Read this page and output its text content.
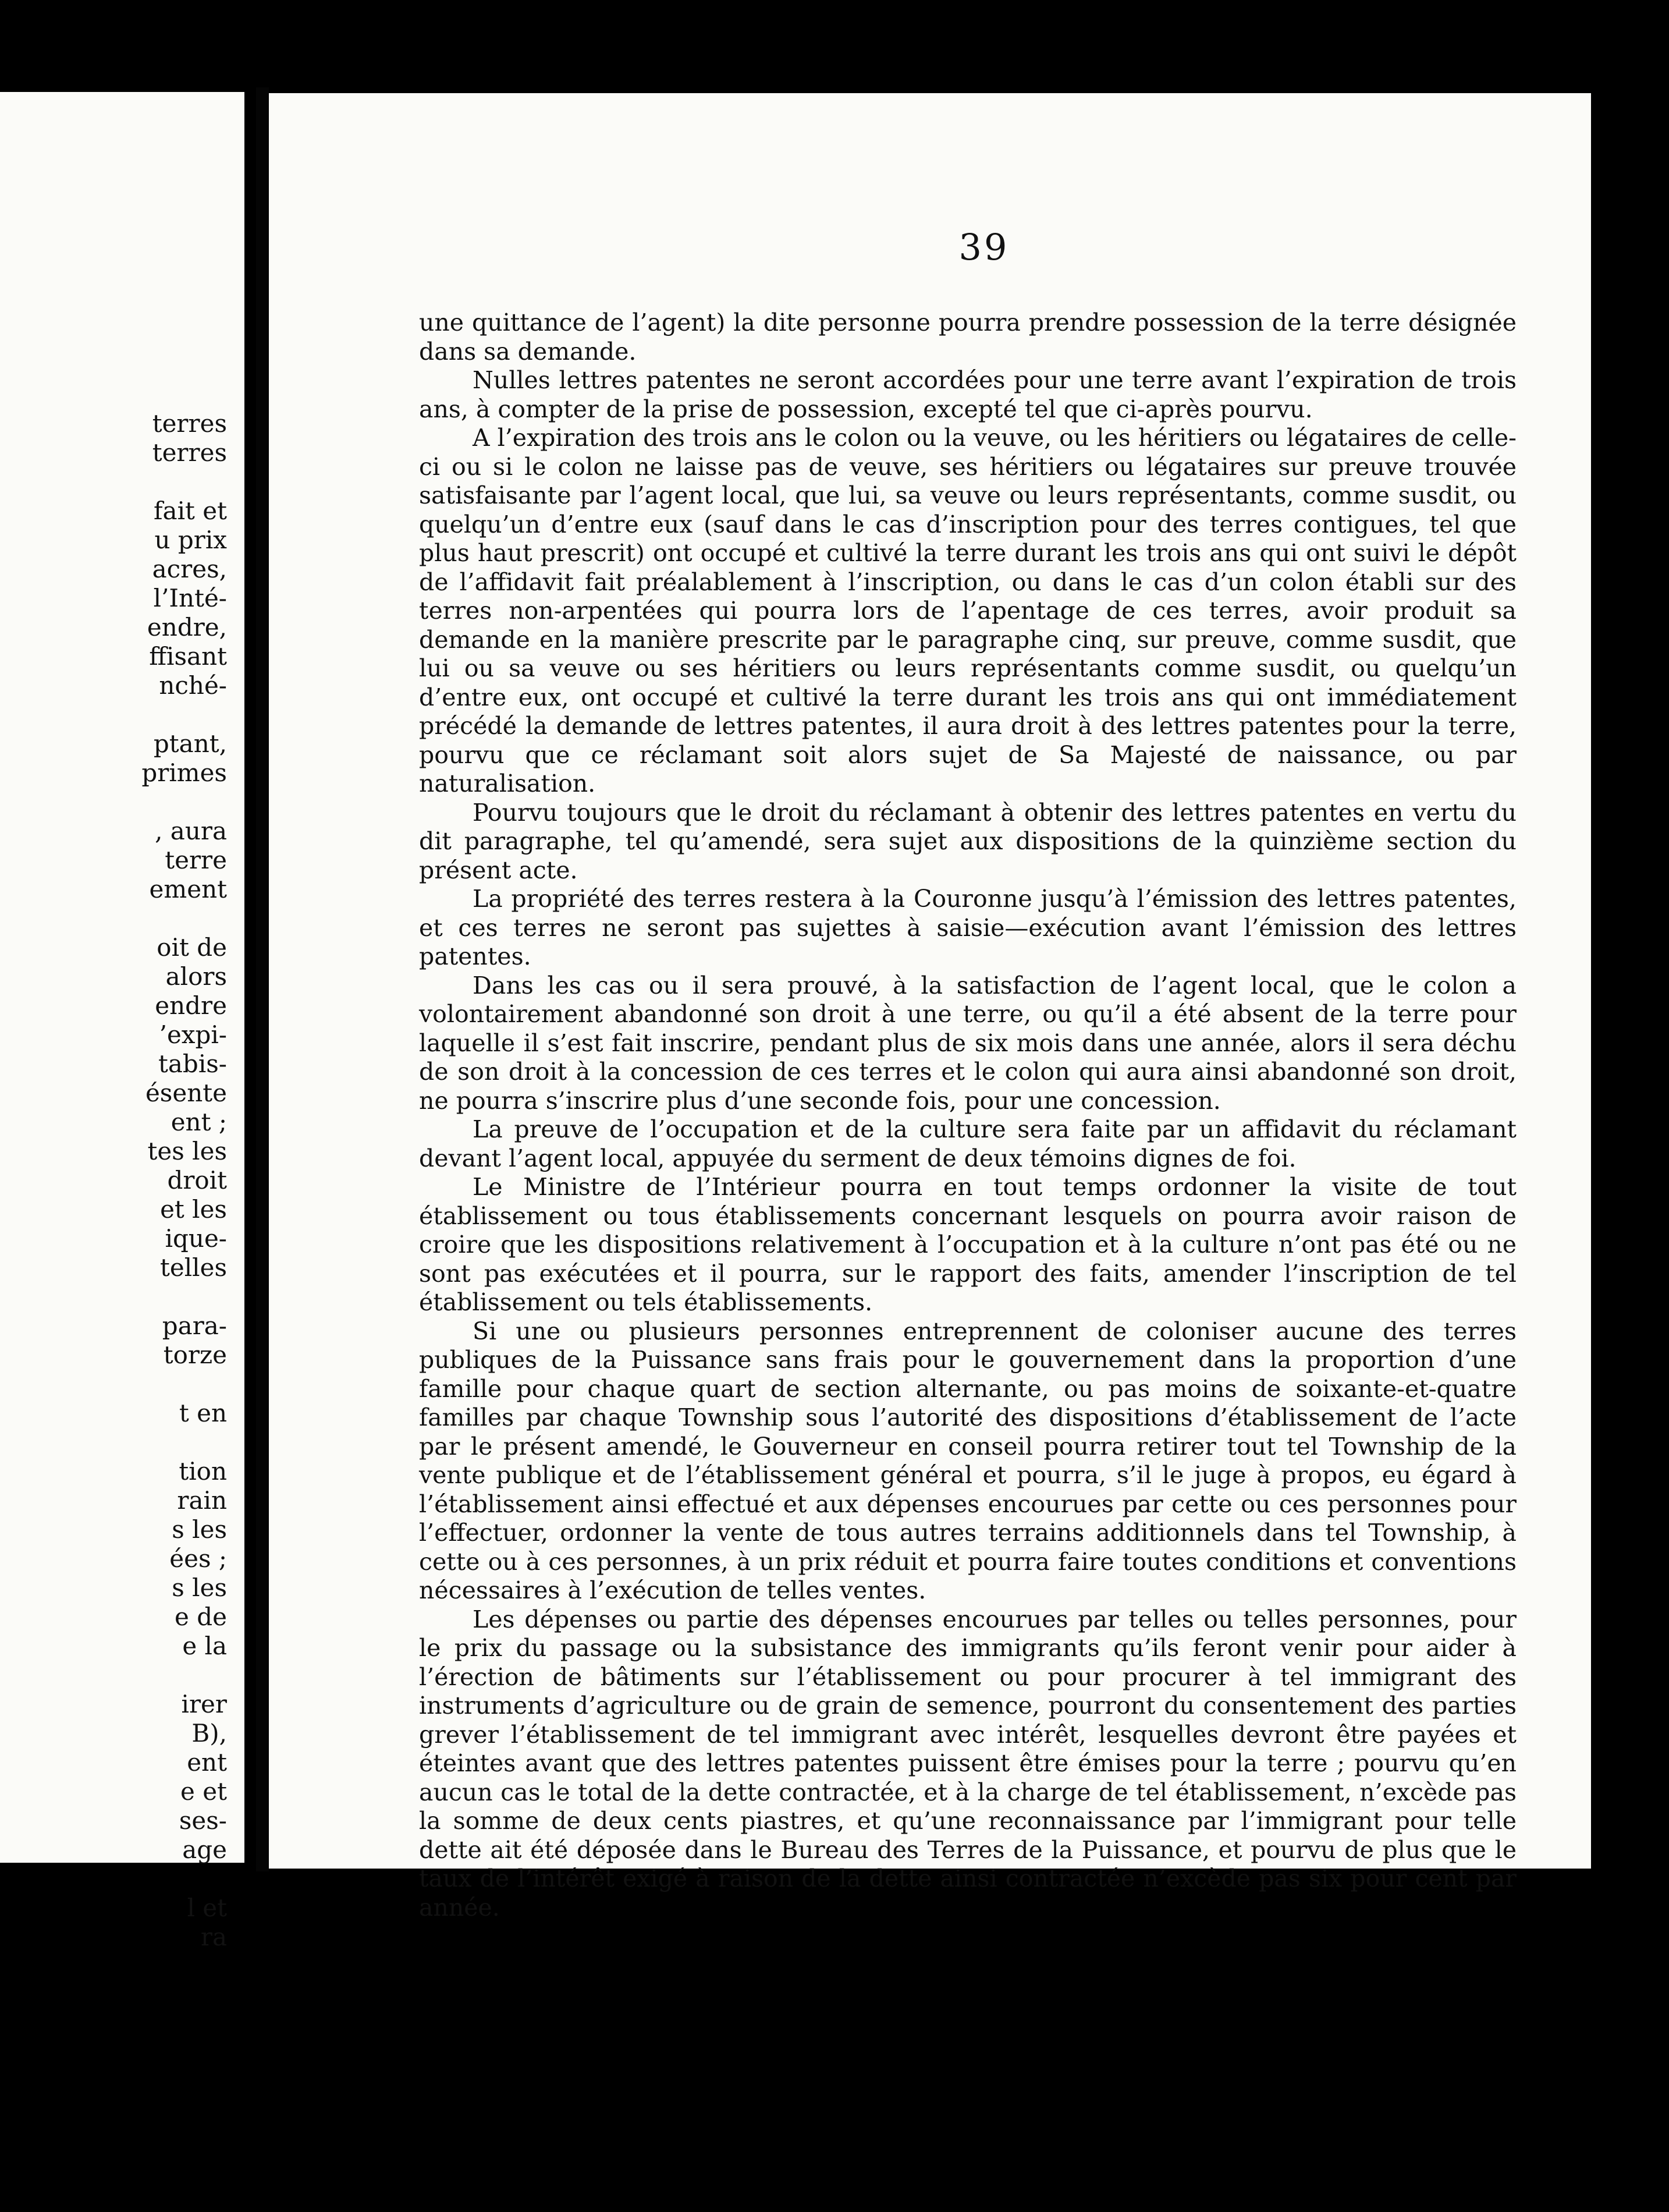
terres
terres
fait et
u prix
acres,
l’Inté-
endre,
ffisant
nché-
ptant,
primes
, aura
terre
ement
oit de
alors
endre
’expi-
tabis-
ésente
ent ;
tes les
droit
et les
ique-
telles
para-
torze
t en
tion
rain
s les
ées ;
s les
e de
e la
irer
B),
ent
e et
ses-
age
l et
ra
39

une quittance de l’agent) la dite personne pourra prendre possession de la terre désignée dans sa demande.

Nulles lettres patentes ne seront accordées pour une terre avant l’expiration de trois ans, à compter de la prise de possession, excepté tel que ci-après pourvu.

A l’expiration des trois ans le colon ou la veuve, ou les héritiers ou légataires de celle-ci ou si le colon ne laisse pas de veuve, ses héritiers ou légataires sur preuve trouvée satisfaisante par l’agent local, que lui, sa veuve ou leurs représentants, comme susdit, ou quelqu’un d’entre eux (sauf dans le cas d’inscription pour des terres contigues, tel que plus haut prescrit) ont occupé et cultivé la terre durant les trois ans qui ont suivi le dépôt de l’affidavit fait préalablement à l’inscription, ou dans le cas d’un colon établi sur des terres non-arpentées qui pourra lors de l’apentage de ces terres, avoir produit sa demande en la manière prescrite par le paragraphe cinq, sur preuve, comme susdit, que lui ou sa veuve ou ses héritiers ou leurs représentants comme susdit, ou quelqu’un d’entre eux, ont occupé et cultivé la terre durant les trois ans qui ont immédiatement précédé la demande de lettres patentes, il aura droit à des lettres patentes pour la terre, pourvu que ce réclamant soit alors sujet de Sa Majesté de naissance, ou par naturalisation.

Pourvu toujours que le droit du réclamant à obtenir des lettres patentes en vertu du dit paragraphe, tel qu’amendé, sera sujet aux dispositions de la quinzième section du présent acte.

La propriété des terres restera à la Couronne jusqu’à l’émission des lettres patentes, et ces terres ne seront pas sujettes à saisie—exécution avant l’émission des lettres patentes.

Dans les cas ou il sera prouvé, à la satisfaction de l’agent local, que le colon a volontairement abandonné son droit à une terre, ou qu’il a été absent de la terre pour laquelle il s’est fait inscrire, pendant plus de six mois dans une année, alors il sera déchu de son droit à la concession de ces terres et le colon qui aura ainsi abandonné son droit, ne pourra s’inscrire plus d’une seconde fois, pour une concession.

La preuve de l’occupation et de la culture sera faite par un affidavit du réclamant devant l’agent local, appuyée du serment de deux témoins dignes de foi.

Le Ministre de l’Intérieur pourra en tout temps ordonner la visite de tout établissement ou tous établissements concernant lesquels on pourra avoir raison de croire que les dispositions relativement à l’occupation et à la culture n’ont pas été ou ne sont pas exécutées et il pourra, sur le rapport des faits, amender l’inscription de tel établissement ou tels établissements.

Si une ou plusieurs personnes entreprennent de coloniser aucune des terres publiques de la Puissance sans frais pour le gouvernement dans la proportion d’une famille pour chaque quart de section alternante, ou pas moins de soixante-et-quatre familles par chaque Township sous l’autorité des dispositions d’établissement de l’acte par le présent amendé, le Gouverneur en conseil pourra retirer tout tel Township de la vente publique et de l’établissement général et pourra, s’il le juge à propos, eu égard à l’établissement ainsi effectué et aux dépenses encourues par cette ou ces personnes pour l’effectuer, ordonner la vente de tous autres terrains additionnels dans tel Township, à cette ou à ces personnes, à un prix réduit et pourra faire toutes conditions et conventions nécessaires à l’exécution de telles ventes.

Les dépenses ou partie des dépenses encourues par telles ou telles personnes, pour le prix du passage ou la subsistance des immigrants qu’ils feront venir pour aider à l’érection de bâtiments sur l’établissement ou pour procurer à tel immigrant des instruments d’agriculture ou de grain de semence, pourront du consentement des parties grever l’établissement de tel immigrant avec intérêt, lesquelles devront être payées et éteintes avant que des lettres patentes puissent être émises pour la terre ; pourvu qu’en aucun cas le total de la dette contractée, et à la charge de tel établissement, n’excède pas la somme de deux cents piastres, et qu’une reconnaissance par l’immigrant pour telle dette ait été déposée dans le Bureau des Terres de la Puissance, et pourvu de plus que le taux de l’intérêt exigé à raison de la dette ainsi contractée n’excède pas six pour cent par année.
